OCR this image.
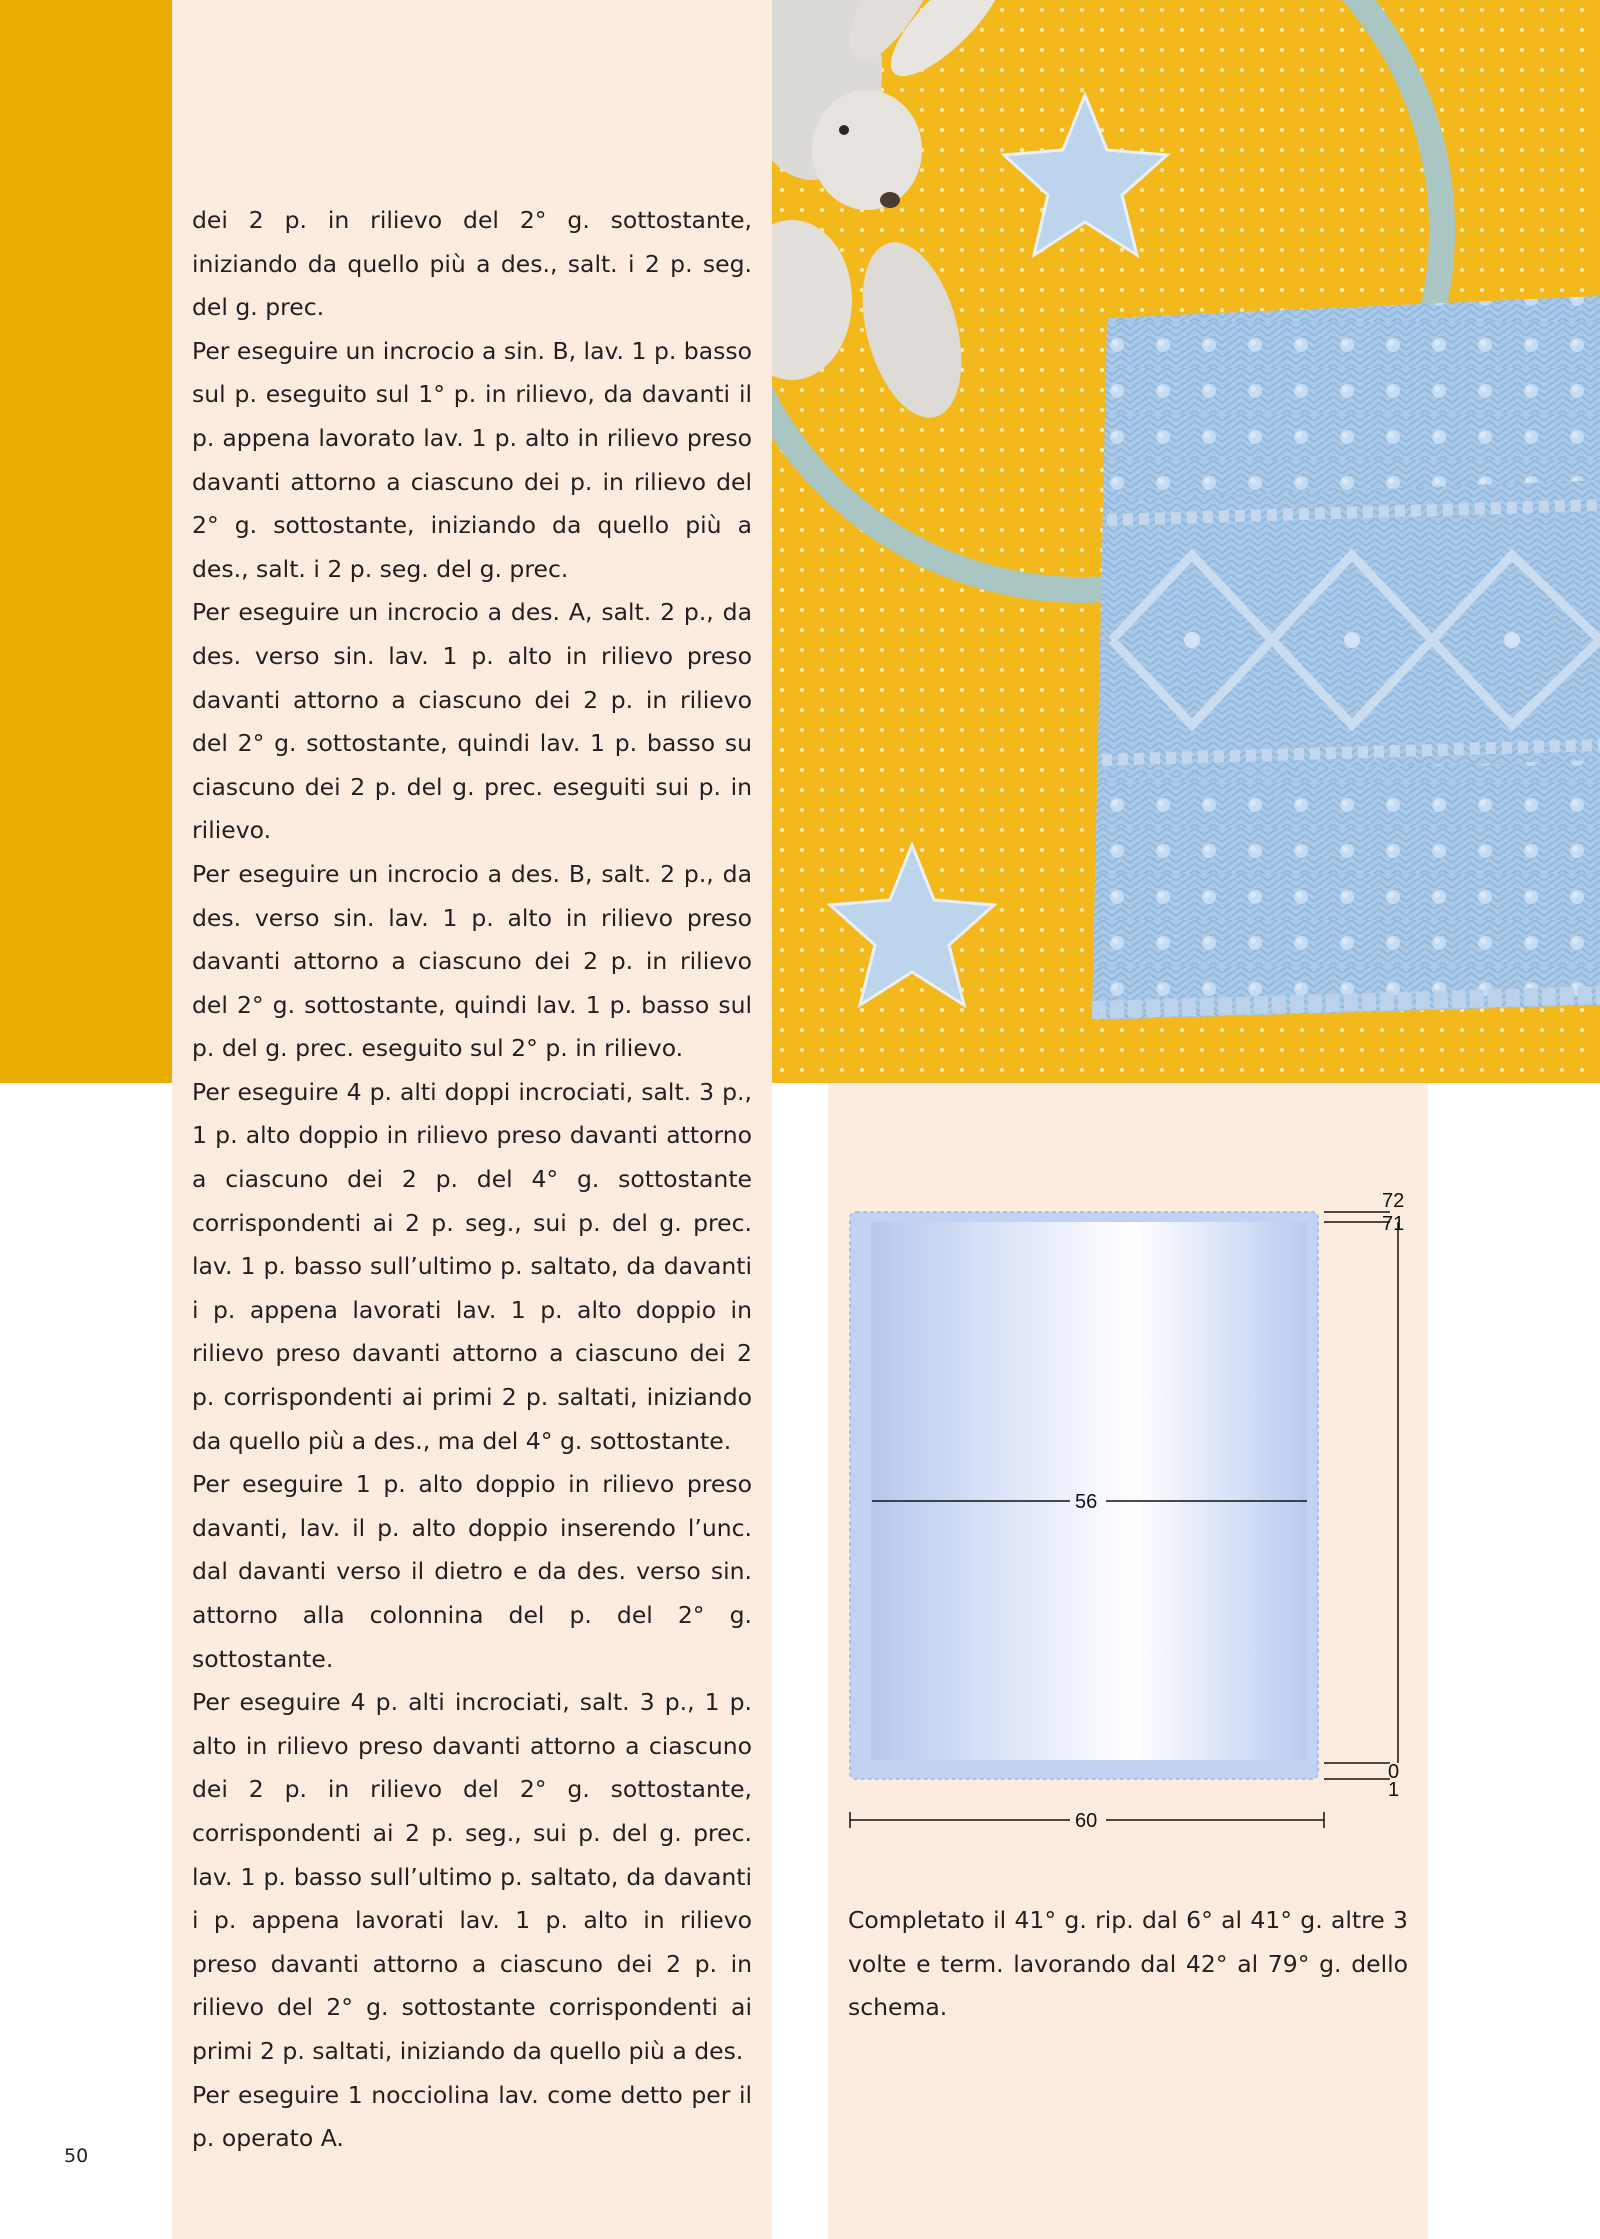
dei 2 p. in rilievo del 2° g. sottostante, iniziando da quello più a des., salt. i 2 p. seg. del g. prec.

Per eseguire un incrocio a sin. B, lav. 1 p. basso sul p. eseguito sul 1° p. in rilievo, da davanti il p. appena lavorato lav. 1 p. alto in rilievo preso davanti attorno a ciascuno dei p. in rilievo del 2° g. sottostante, iniziando da quello più a des., salt. i 2 p. seg. del g. prec.

Per eseguire un incrocio a des. A, salt. 2 p., da des. verso sin. lav. 1 p. alto in rilievo preso davanti attorno a ciascuno dei 2 p. in rilievo del 2° g. sottostante, quindi lav. 1 p. basso su ciascuno dei 2 p. del g. prec. eseguiti sui p. in rilievo.

Per eseguire un incrocio a des. B, salt. 2 p., da des. verso sin. lav. 1 p. alto in rilievo preso davanti attorno a ciascuno dei 2 p. in rilievo del 2° g. sottostante, quindi lav. 1 p. basso sul p. del g. prec. eseguito sul 2° p. in rilievo.

Per eseguire 4 p. alti doppi incrociati, salt. 3 p., 1 p. alto doppio in rilievo preso davanti attorno a ciascuno dei 2 p. del 4° g. sottostante corrispondenti ai 2 p. seg., sui p. del g. prec. lav. 1 p. basso sull’ultimo p. saltato, da davanti i p. appena lavorati lav. 1 p. alto doppio in rilievo preso davanti attorno a ciascuno dei 2 p. corrispondenti ai primi 2 p. saltati, iniziando da quello più a des., ma del 4° g. sottostante.

Per eseguire 1 p. alto doppio in rilievo preso davanti, lav. il p. alto doppio inserendo l’unc. dal davanti verso il dietro e da des. verso sin. attorno alla colonnina del p. del 2° g. sottostante.

Per eseguire 4 p. alti incrociati, salt. 3 p., 1 p. alto in rilievo preso davanti attorno a ciascuno dei 2 p. in rilievo del 2° g. sottostante, corrispondenti ai 2 p. seg., sui p. del g. prec. lav. 1 p. basso sull’ultimo p. saltato, da davanti i p. appena lavorati lav. 1 p. alto in rilievo preso davanti attorno a ciascuno dei 2 p. in rilievo del 2° g. sottostante corrispondenti ai primi 2 p. saltati, iniziando da quello più a des.

Per eseguire 1 nocciolina lav. come detto per il p. operato A.

72
71
0
1
56
60

Completato il 41° g. rip. dal 6° al 41° g. altre 3 volte e term. lavorando dal 42° al 79° g. dello schema.

50
